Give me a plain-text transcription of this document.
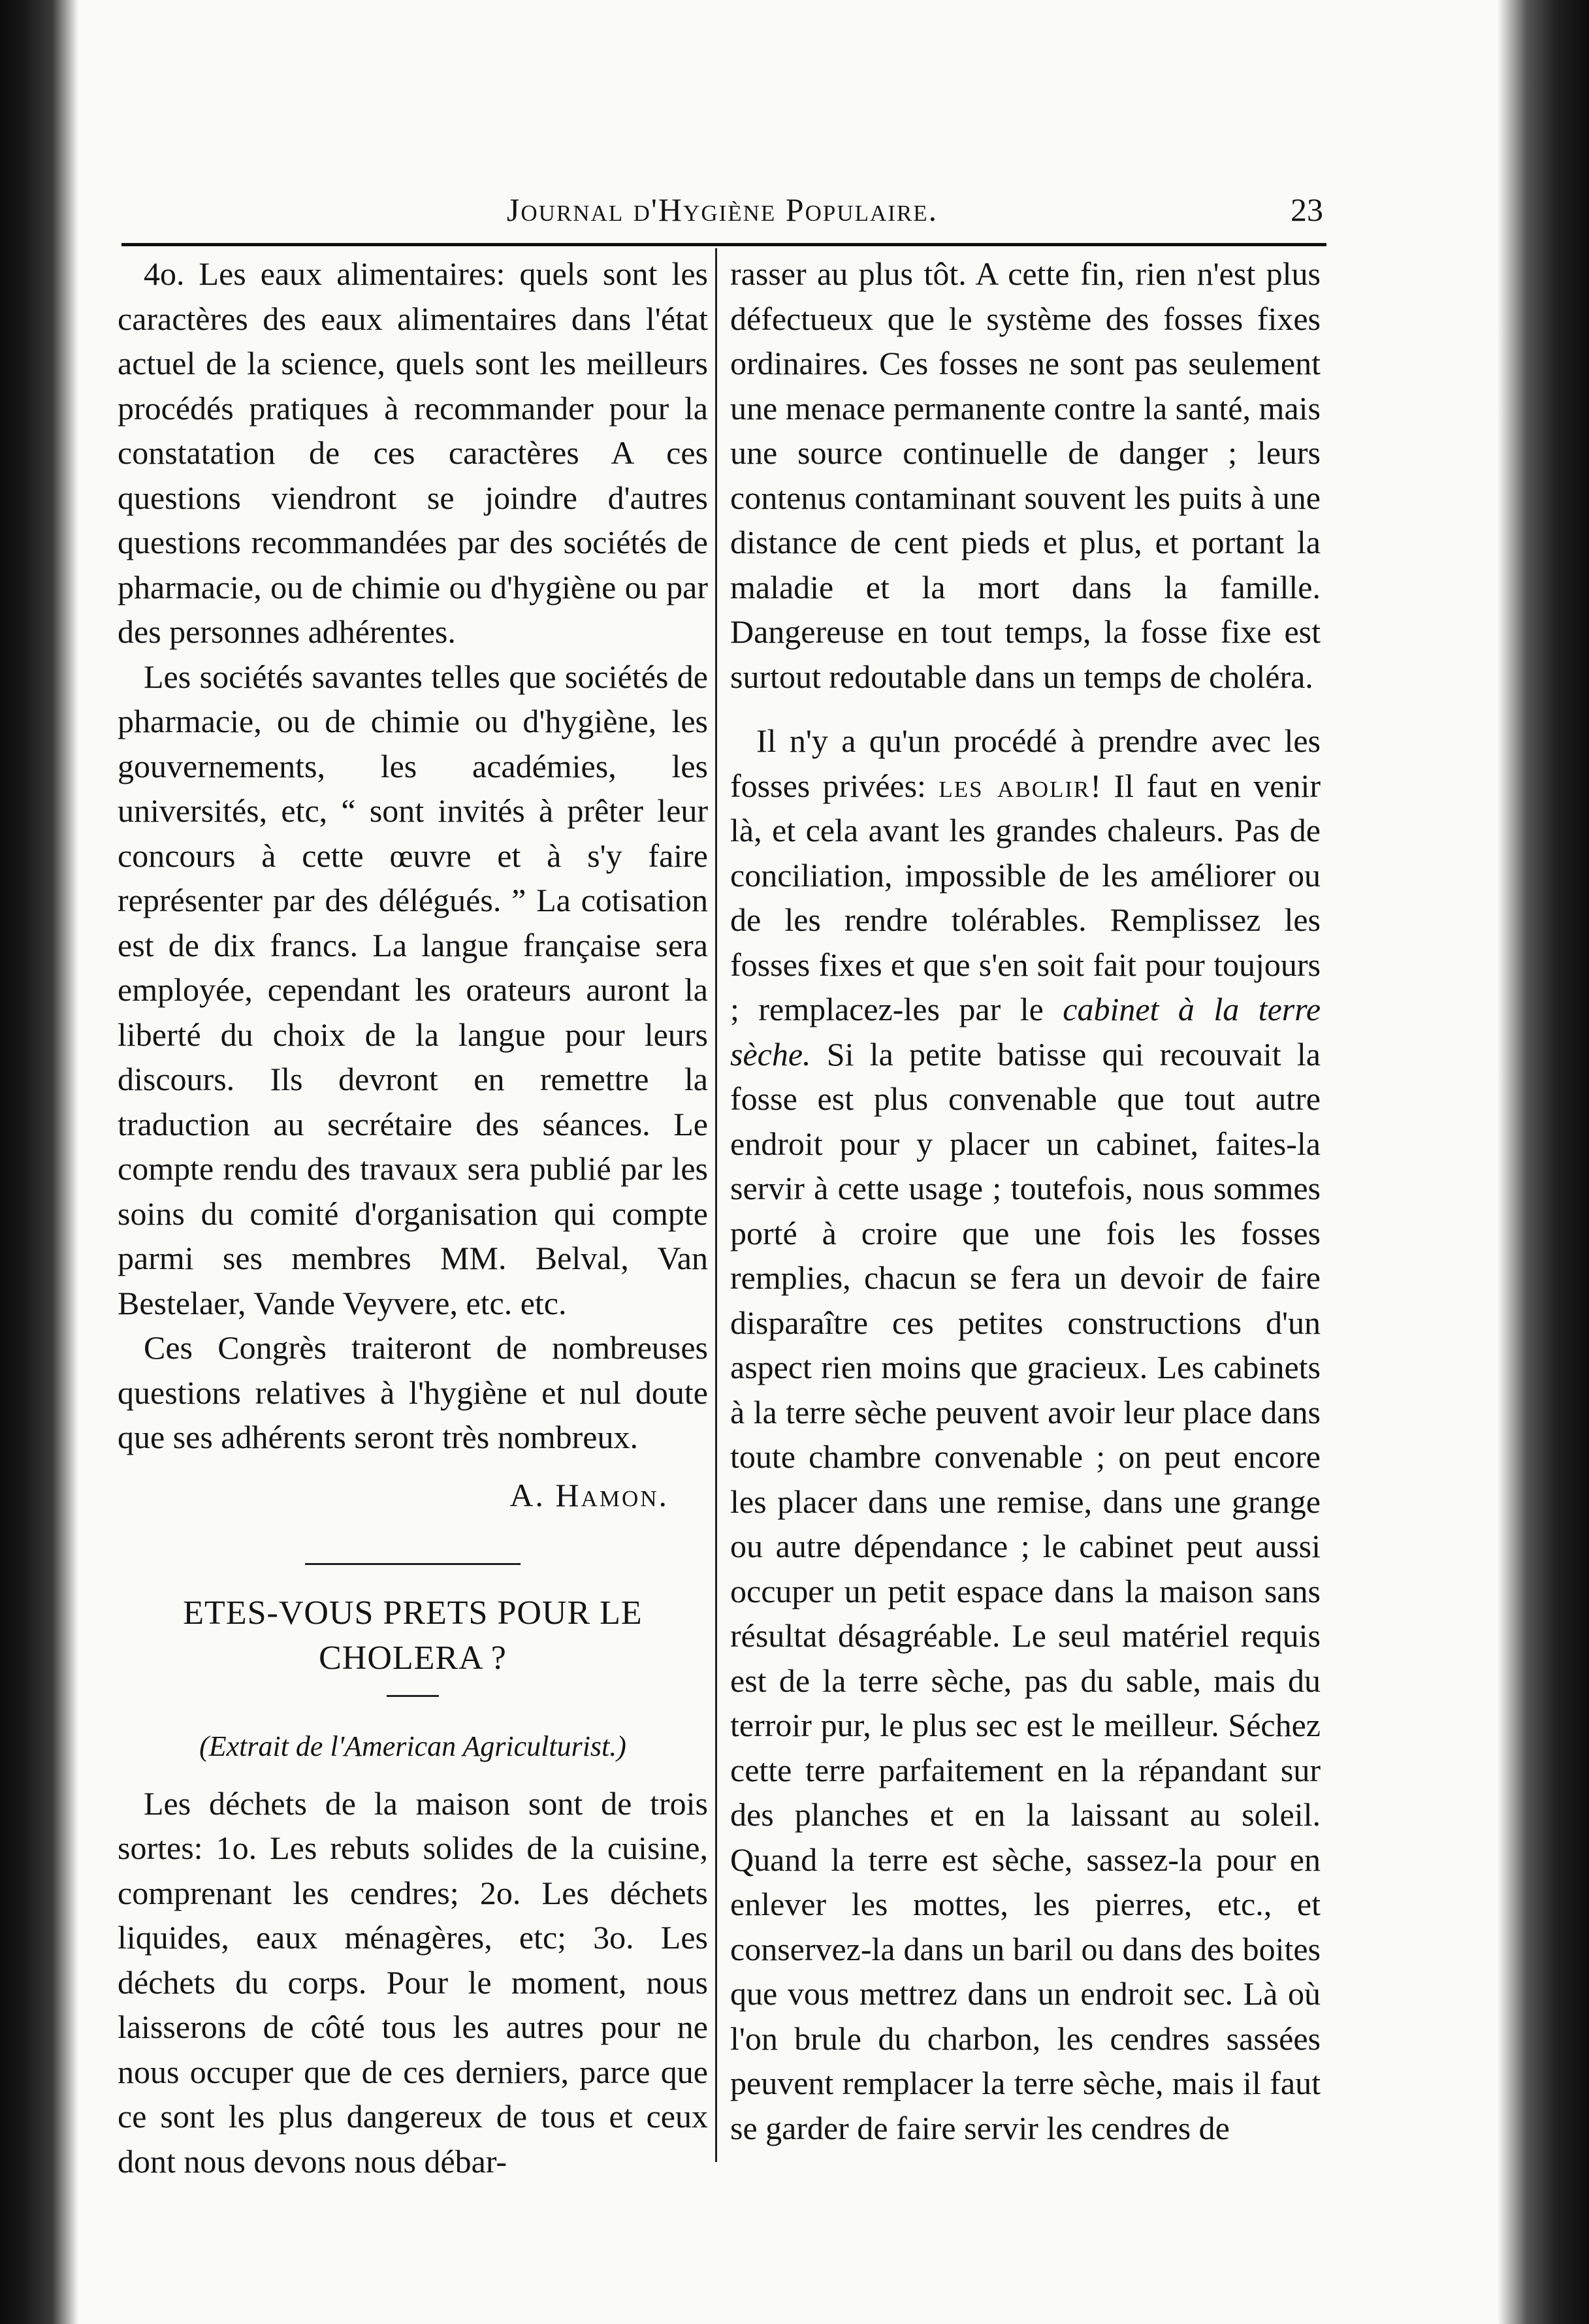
Journal d'Hygiène Populaire.	23

4o. Les eaux alimentaires: quels sont les caractères des eaux alimentaires dans l'état actuel de la science, quels sont les meilleurs procédés pratiques à recommander pour la constatation de ces caractères A ces questions viendront se joindre d'autres questions recommandées par des sociétés de pharmacie, ou de chimie ou d'hygiène ou par des personnes adhérentes.

Les sociétés savantes telles que sociétés de pharmacie, ou de chimie ou d'hygiène, les gouvernements, les académies, les universités, etc, “ sont invités à prêter leur concours à cette œuvre et à s'y faire représenter par des délégués. ” La cotisation est de dix francs. La langue française sera employée, cependant les orateurs auront la liberté du choix de la langue pour leurs discours. Ils devront en remettre la traduction au secrétaire des séances. Le compte rendu des travaux sera publié par les soins du comité d'organisation qui compte parmi ses membres MM. Belval, Van Bestelaer, Vande Veyvere, etc. etc.

Ces Congrès traiteront de nombreuses questions relatives à l'hygiène et nul doute que ses adhérents seront très nombreux.

A. Hamon.
ETES-VOUS PRETS POUR LE CHOLERA ?
(Extrait de l'American Agriculturist.)

Les déchets de la maison sont de trois sortes: 1o. Les rebuts solides de la cuisine, comprenant les cendres; 2o. Les déchets liquides, eaux ménagères, etc; 3o. Les déchets du corps. Pour le moment, nous laisserons de côté tous les autres pour ne nous occuper que de ces derniers, parce que ce sont les plus dangereux de tous et ceux dont nous devons nous débar-

rasser au plus tôt. A cette fin, rien n'est plus défectueux que le système des fosses fixes ordinaires. Ces fosses ne sont pas seulement une menace permanente contre la santé, mais une source continuelle de danger ; leurs contenus contaminant souvent les puits à une distance de cent pieds et plus, et portant la maladie et la mort dans la famille. Dangereuse en tout temps, la fosse fixe est surtout redoutable dans un temps de choléra.

Il n'y a qu'un procédé à prendre avec les fosses privées: les abolir! Il faut en venir là, et cela avant les grandes chaleurs. Pas de conciliation, impossible de les améliorer ou de les rendre tolérables. Remplissez les fosses fixes et que s'en soit fait pour toujours ; remplacez-les par le cabinet à la terre sèche. Si la petite batisse qui recouvait la fosse est plus convenable que tout autre endroit pour y placer un cabinet, faites-la servir à cette usage ; toutefois, nous sommes porté à croire que une fois les fosses remplies, chacun se fera un devoir de faire disparaître ces petites constructions d'un aspect rien moins que gracieux. Les cabinets à la terre sèche peuvent avoir leur place dans toute chambre convenable ; on peut encore les placer dans une remise, dans une grange ou autre dépendance ; le cabinet peut aussi occuper un petit espace dans la maison sans résultat désagréable. Le seul matériel requis est de la terre sèche, pas du sable, mais du terroir pur, le plus sec est le meilleur. Séchez cette terre parfaitement en la répandant sur des planches et en la laissant au soleil. Quand la terre est sèche, sassez-la pour en enlever les mottes, les pierres, etc., et conservez-la dans un baril ou dans des boites que vous mettrez dans un endroit sec. Là où l'on brule du charbon, les cendres sassées peuvent remplacer la terre sèche, mais il faut se garder de faire servir les cendres de
